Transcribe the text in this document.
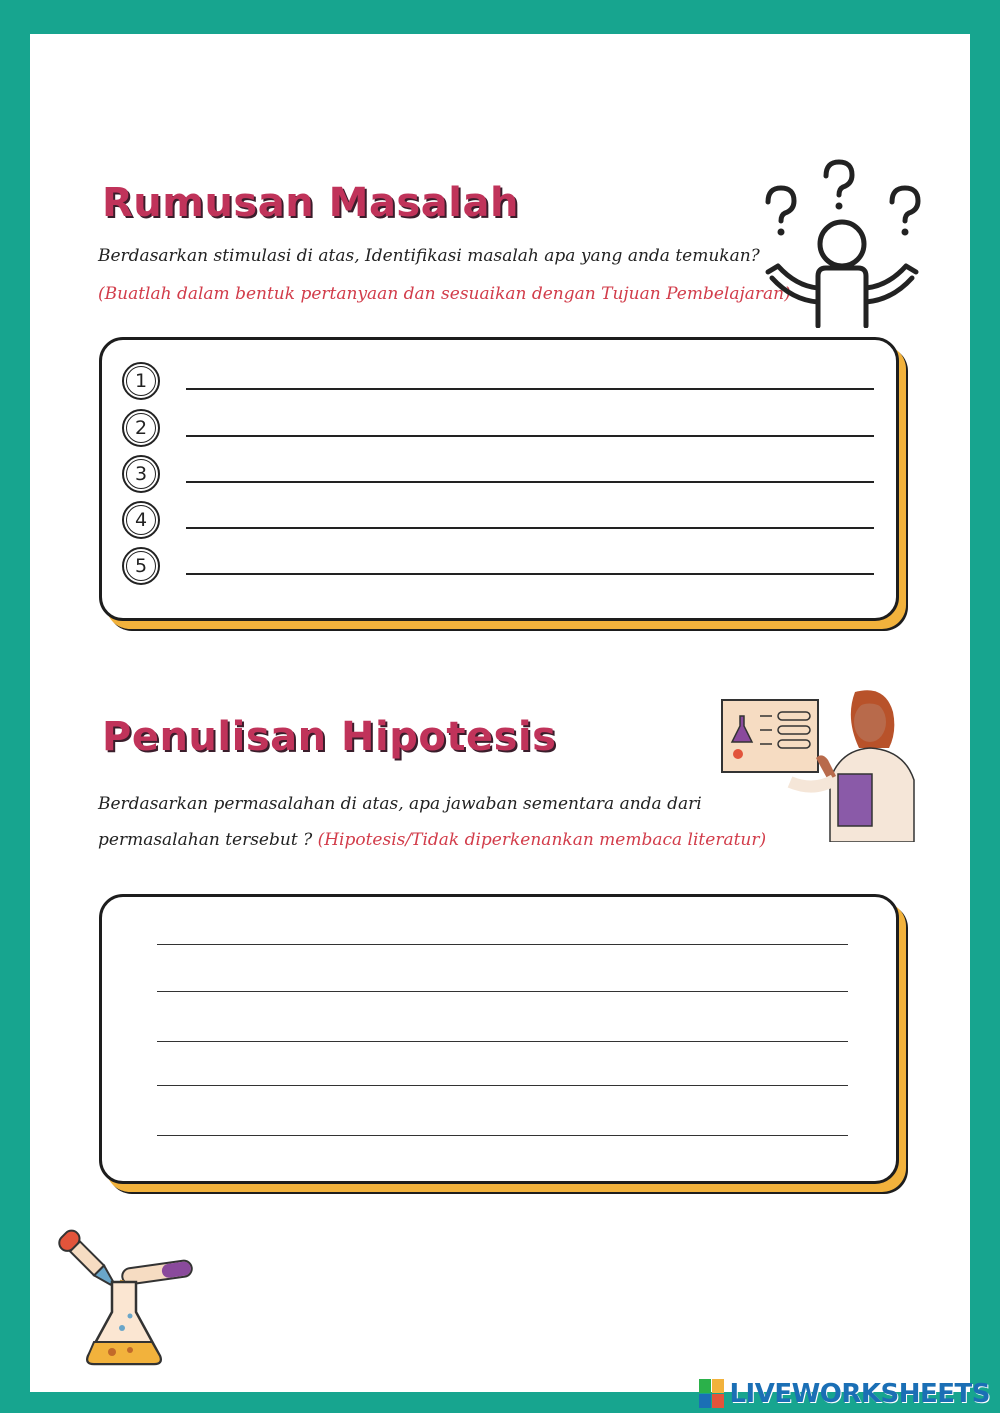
Rumusan Masalah

Berdasarkan stimulasi di atas, Identifikasi masalah apa yang anda temukan?

(Buatlah dalam bentuk pertanyaan dan sesuaikan dengan Tujuan Pembelajaran)

1
2
3
4
5
Penulisan Hipotesis

Berdasarkan permasalahan di atas, apa jawaban sementara anda dari

permasalahan tersebut ? (Hipotesis/Tidak diperkenankan membaca literatur)

LIVEWORKSHEETS
